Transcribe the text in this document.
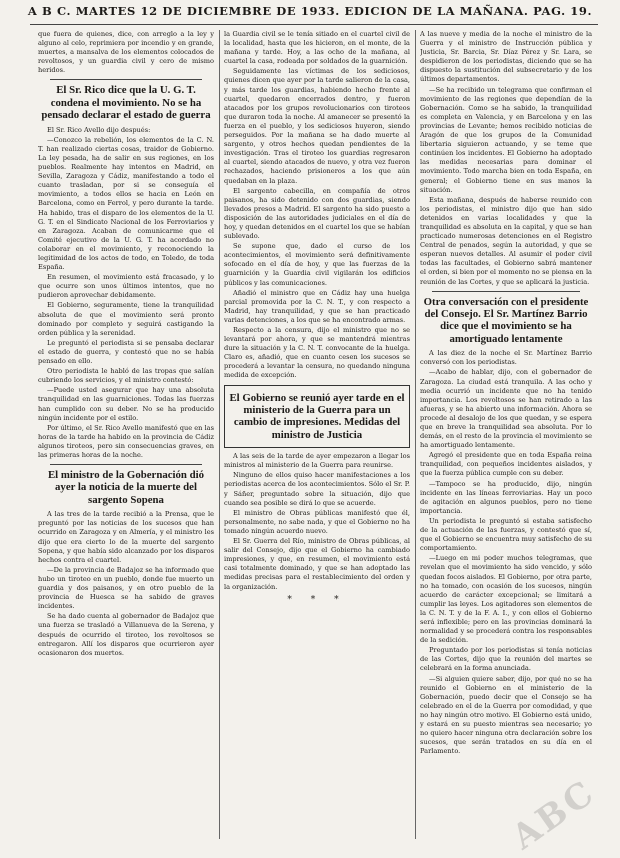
A B C. MARTES 12 DE DICIEMBRE DE 1933. EDICION DE LA MAÑANA. PAG. 19.

que fuera de quienes, dice, con arreglo a la ley y alguno al celo, reprimiera por incendio y en grande, muertes, a mansalva de los elementos colocados de revoltosos, y un guardia civil y cero de mismo heridos.

El Sr. Rico dice que la U. G. T. condena el movimiento. No se ha pensado declarar el estado de guerra

El Sr. Rico Avello dijo después:

—Conozco la rebelión, los elementos de la C. N. T. han realizado ciertas cosas, traidor de Gobierno. La ley pesada, ha de salir en sus regiones, en los pueblos. Realmente hay intentos en Madrid, en Sevilla, Zaragoza y Cádiz, manifestando a todo el cuanto trasladan, por si se conseguía el movimiento, a todos ellos se hacia en León en Barcelona, como en Ferrol, y pero durante la tarde. Ha habido, tras el disparo de los elementos de la U. G. T. en el Sindicato Nacional de los Ferroviarios y en Zaragoza. Acaban de comunicarme que el Comité ejecutivo de la U. G. T. ha acordado no colaborar en el movimiento, y reconociendo la legitimidad de los actos de todo, en Toledo, de toda España.

En resumen, el movimiento está fracasado, y lo que ocurre son unos últimos intentos, que no pudieron aprovechar debidamente.

El Gobierno, seguramente, tiene la tranquilidad absoluta de que el movimiento será pronto dominado por completo y seguirá castigando la orden pública y la serenidad.

Le preguntó el periodista si se pensaba declarar el estado de guerra, y contestó que no se había pensado en ello.

Otro periodista le habló de las tropas que salían cubriendo los servicios, y el ministro contestó:

—Puede usted asegurar que hay una absoluta tranquilidad en las guarniciones. Todas las fuerzas han cumplido con su deber. No se ha producido ningún incidente por el estilo.

Por último, el Sr. Rico Avello manifestó que en las horas de la tarde ha habido en la provincia de Cádiz algunos tiroteos, pero sin consecuencias graves, en las primeras horas de la noche.

El ministro de la Gobernación dió ayer la noticia de la muerte del sargento Sopena

A las tres de la tarde recibió a la Prensa, que le preguntó por las noticias de los sucesos que han ocurrido en Zaragoza y en Almería, y el ministro les dijo que era cierto lo de la muerte del sargento Sopena, y que había sido alcanzado por los disparos hechos contra el cuartel.

—De la provincia de Badajoz se ha informado que hubo un tiroteo en un pueblo, donde fue muerto un guardia y dos paisanos, y en otro pueblo de la provincia de Huesca se ha sabido de graves incidentes.

Se ha dado cuenta al gobernador de Badajoz que una fuerza se trasladó a Villanueva de la Serena, y después de ocurrido el tiroteo, los revoltosos se entregaron. Allí los disparos que ocurrieron ayer ocasionaron dos muertos.

la Guardia civil se le tenía sitiado en el cuartel civil de la localidad, hasta que les hicieron, en el monte, de la mañana y tarde. Hoy, a las ocho de la mañana, al cuartel la casa, rodeada por soldados de la guarnición.

Seguidamente las víctimas de los sediciosos, quienes dicen que ayer por la tarde salieron de la casa, y más tarde los guardias, habiendo hecho frente al cuartel, quedaron encerrados dentro, y fueron atacados por los grupos revolucionarios con tiroteos que duraron toda la noche. Al amanecer se presentó la fuerza en el pueblo, y los sediciosos huyeron, siendo perseguidos. Por la mañana se ha dado muerte al sargento, y otros hechos quedan pendientes de la investigación. Tras el tiroteo los guardias regresaron al cuartel, siendo atacados de nuevo, y otra vez fueron rechazados, haciendo prisioneros a los que aún quedaban en la plaza.

El sargento cabecilla, en compañía de otros paisanos, ha sido detenido con dos guardias, siendo llevados presos a Madrid. El sargento ha sido puesto a disposición de las autoridades judiciales en el día de hoy, y quedan detenidos en el cuartel los que se habían sublevado.

Se supone que, dado el curso de los acontecimientos, el movimiento será definitivamente sofocado en el día de hoy, y que las fuerzas de la guarnición y la Guardia civil vigilarán los edificios públicos y las comunicaciones.

Añadió el ministro que en Cádiz hay una huelga parcial promovida por la C. N. T., y con respecto a Madrid, hay tranquilidad, y que se han practicado varias detenciones, a los que se ha encontrado armas.

Respecto a la censura, dijo el ministro que no se levantará por ahora, y que se mantendrá mientras dure la situación y la C. N. T. convocante de la huelga. Claro es, añadió, que en cuanto cesen los sucesos se procederá a levantar la censura, no quedando ninguna medida de excepción.

El Gobierno se reunió ayer tarde en el ministerio de la Guerra para un cambio de impresiones. Medidas del ministro de Justicia

A las seis de la tarde de ayer empezaron a llegar los ministros al ministerio de la Guerra para reunirse.

Ninguno de ellos quiso hacer manifestaciones a los periodistas acerca de los acontecimientos. Sólo el Sr. P. y Sáñer, preguntado sobre la situación, dijo que cuando sea posible se dirá lo que se acuerde.

El ministro de Obras públicas manifestó que él, personalmente, no sabe nada, y que el Gobierno no ha tomado ningún acuerdo nuevo.

El Sr. Guerra del Río, ministro de Obras públicas, al salir del Consejo, dijo que el Gobierno ha cambiado impresiones, y que, en resumen, el movimiento está casi totalmente dominado, y que se han adoptado las medidas precisas para el restablecimiento del orden y la organización.

* * *

A las nueve y media de la noche el ministro de la Guerra y el ministro de Instrucción pública y Justicia, Sr. Barcia, Sr. Díaz Pérez y Sr. Lara, se despidieron de los periodistas, diciendo que se ha dispuesto la sustitución del subsecretario y de los últimos departamentos.

—Se ha recibido un telegrama que confirman el movimiento de las regiones que dependían de la Gobernación. Como se ha sabido, la tranquilidad es completa en Valencia, y en Barcelona y en las provincias de Levante; hemos recibido noticias de Aragón de que los grupos de la Comunidad libertaria siguieron actuando, y se teme que continúen los incidentes. El Gobierno ha adoptado las medidas necesarias para dominar el movimiento. Todo marcha bien en toda España, en general; el Gobierno tiene en sus manos la situación.

Esta mañana, después de haberse reunido con los periodistas, el ministro dijo que han sido detenidos en varias localidades y que la tranquilidad es absoluta en la capital, y que se han practicado numerosas detenciones en el Registro Central de penados, según la autoridad, y que se esperan nuevos detalles. Al asumir el poder civil todas las facultades, el Gobierno sabrá mantener el orden, si bien por el momento no se piensa en la reunión de las Cortes, y que se aplicará la justicia.

Otra conversación con el presidente del Consejo. El Sr. Martínez Barrio dice que el movimiento se ha amortiguado lentamente

A las diez de la noche el Sr. Martínez Barrio conversó con los periodistas.

—Acabo de hablar, dijo, con el gobernador de Zaragoza. La ciudad está tranquila. A las ocho y media ocurrió un incidente que no ha tenido importancia. Los revoltosos se han retirado a las afueras, y se ha abierto una información. Ahora se procede al desalojo de los que quedan, y se espera que en breve la tranquilidad sea absoluta. Por lo demás, en el resto de la provincia el movimiento se ha amortiguado lentamente.

Agregó el presidente que en toda España reina tranquilidad, con pequeños incidentes aislados, y que la fuerza pública cumple con su deber.

—Tampoco se ha producido, dijo, ningún incidente en las líneas ferroviarias. Hay un poco de agitación en algunos pueblos, pero no tiene importancia.

Un periodista le preguntó si estaba satisfecho de la actuación de las fuerzas, y contestó que sí, que el Gobierno se encuentra muy satisfecho de su comportamiento.

—Luego en mi poder muchos telegramas, que revelan que el movimiento ha sido vencido, y sólo quedan focos aislados. El Gobierno, por otra parte, no ha tomado, con ocasión de los sucesos, ningún acuerdo de carácter excepcional; se limitará a cumplir las leyes. Los agitadores son elementos de la C. N. T. y de la F. A. I., y con ellos el Gobierno será inflexible; pero en las provincias dominará la normalidad y se procederá contra los responsables de la sedición.

Preguntado por los periodistas si tenía noticias de las Cortes, dijo que la reunión del martes se celebrará en la forma anunciada.

—Si alguien quiere saber, dijo, por qué no se ha reunido el Gobierno en el ministerio de la Gobernación, puedo decir que el Consejo se ha celebrado en el de la Guerra por comodidad, y que no hay ningún otro motivo. El Gobierno está unido, y estará en su puesto mientras sea necesario; yo no quiero hacer ninguna otra declaración sobre los sucesos, que serán tratados en su día en el Parlamento.

ABC
